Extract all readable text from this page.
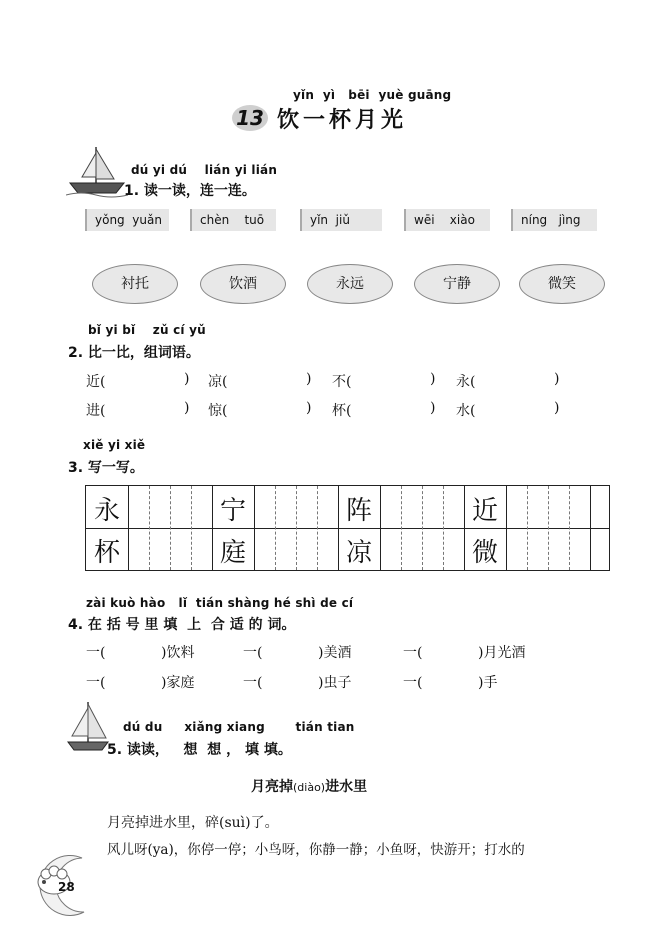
yǐn  yì   bēi  yuè guāng
13 饮一杯月光
dú yi dú    lián yi lián
1. 读一读，连一连。
yǒng  yuǎn	chèn    tuō	yǐn  jiǔ	wēi    xiào	níng   jìng
衬托	饮酒	永远	宁静	微笑
bǐ yi bǐ    zǔ cí yǔ
2. 比一比，组词语。
近(	) 凉(	) 不(	) 永(	)
进(	) 惊(	) 杯(	) 水(	)
xiě yi xiě
3. 写一写。
永	宁	阵	近
杯	庭	凉	微
zài kuò hào   lǐ  tián shàng hé shì de cí
4. 在 括 号 里 填  上  合 适 的 词。
一(	)饮料	一(	)美酒	一(	)月光酒
一(	)家庭	一(	)虫子	一(	)手
dú du     xiǎng xiang       tián tian
5. 读读，   想  想 ， 填 填。
月亮掉(diào)进水里
月亮掉进水里，碎(suì)了。
风儿呀(ya)，你停一停；小鸟呀，你静一静；小鱼呀，快游开；打水的
28
